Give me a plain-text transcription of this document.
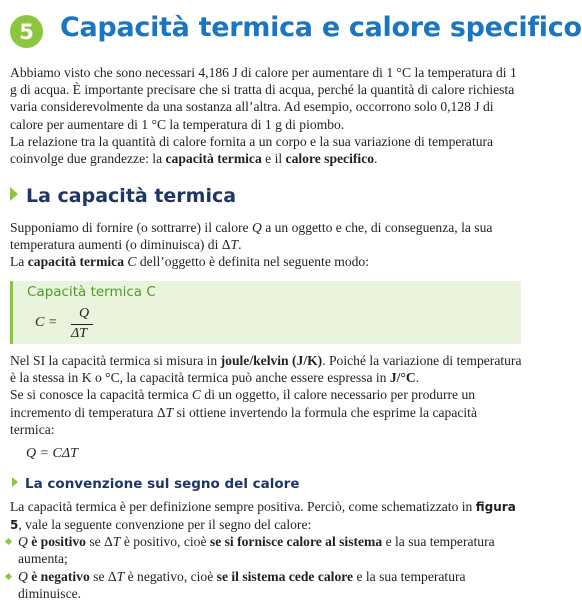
5 Capacità termica e calore specifico

Abbiamo visto che sono necessari 4,186 J di calore per aumentare di 1 °C la temperatura di 1 g di acqua. È importante precisare che si tratta di acqua, perché la quantità di calore richiesta varia considerevolmente da una sostanza all’altra. Ad esempio, occorrono solo 0,128 J di calore per aumentare di 1 °C la temperatura di 1 g di piombo.
La relazione tra la quantità di calore fornita a un corpo e la sua variazione di temperatura coinvolge due grandezze: la capacità termica e il calore specifico.

La capacità termica

Supponiamo di fornire (o sottrarre) il calore Q a un oggetto e che, di conseguenza, la sua temperatura aumenti (o diminuisca) di ΔT.
La capacità termica C dell’oggetto è definita nel seguente modo:

Capacità termica C
C =
Q
ΔT

Nel SI la capacità termica si misura in joule/kelvin (J/K). Poiché la variazione di temperatura è la stessa in K o °C, la capacità termica può anche essere espressa in J/°C.
Se si conosce la capacità termica C di un oggetto, il calore necessario per produrre un incremento di temperatura ΔT si ottiene invertendo la formula che esprime la capacità termica:

Q = CΔT
La convenzione sul segno del calore

La capacità termica è per definizione sempre positiva. Perciò, come schematizzato in figura 5, vale la seguente convenzione per il segno del calore:

Q è positivo se ΔT è positivo, cioè se si fornisce calore al sistema e la sua temperatura aumenta;

Q è negativo se ΔT è negativo, cioè se il sistema cede calore e la sua temperatura diminuisce.
